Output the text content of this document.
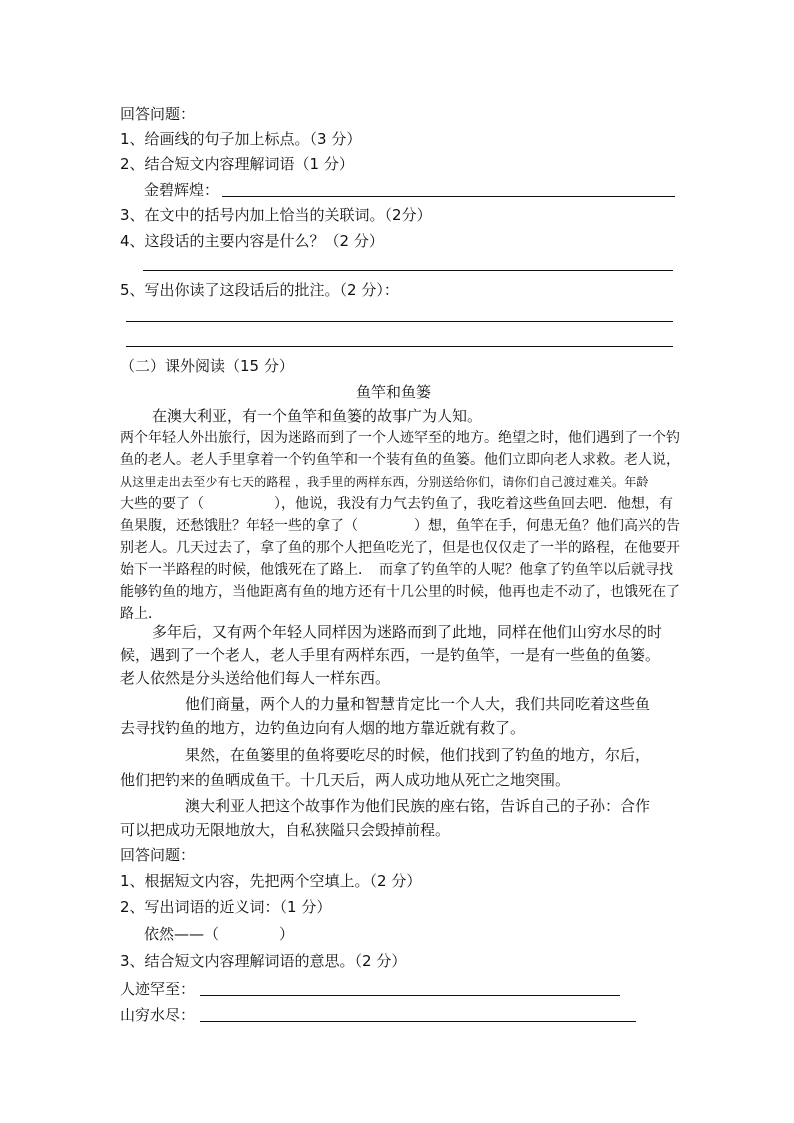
回答问题：
1、给画线的句子加上标点。（3 分）
2、结合短文内容理解词语（1 分）
金碧辉煌：
3、在文中的括号内加上恰当的关联词。（2分）
4、这段话的主要内容是什么？（2 分）
5、写出你读了这段话后的批注。（2 分）：
（二）课外阅读（15 分）
鱼竿和鱼篓
在澳大利亚，有一个鱼竿和鱼篓的故事广为人知。
两个年轻人外出旅行，因为迷路而到了一个人迹罕至的地方。绝望之时，他们遇到了一个钓
鱼的老人。老人手里拿着一个钓鱼竿和一个装有鱼的鱼篓。他们立即向老人求救。老人说，
从这里走出去至少有七天的路程 ，我手里的两样东西，分别送给你们，请你们自己渡过难关。年龄
大些的要了（　　　　　），他说，我没有力气去钓鱼了，我吃着这些鱼回去吧．他想，有
鱼果腹，还愁饿肚？年轻一些的拿了（　　　　）想，鱼竿在手，何患无鱼？他们高兴的告
别老人。几天过去了，拿了鱼的那个人把鱼吃光了，但是也仅仅走了一半的路程，在他要开
始下一半路程的时候，他饿死在了路上．　而拿了钓鱼竿的人呢？他拿了钓鱼竿以后就寻找
能够钓鱼的地方，当他距离有鱼的地方还有十几公里的时候，他再也走不动了，也饿死在了
路上．
多年后，又有两个年轻人同样因为迷路而到了此地，同样在他们山穷水尽的时
候，遇到了一个老人，老人手里有两样东西，一是钓鱼竿，一是有一些鱼的鱼篓。
老人依然是分头送给他们每人一样东西。
他们商量，两个人的力量和智慧肯定比一个人大，我们共同吃着这些鱼
去寻找钓鱼的地方，边钓鱼边向有人烟的地方靠近就有救了。
果然，在鱼篓里的鱼将要吃尽的时候，他们找到了钓鱼的地方，尔后，
他们把钓来的鱼晒成鱼干。十几天后，两人成功地从死亡之地突围。
澳大利亚人把这个故事作为他们民族的座右铭，告诉自己的子孙：合作
可以把成功无限地放大，自私狭隘只会毁掉前程。
回答问题：
1、根据短文内容，先把两个空填上。（2 分）
2、写出词语的近义词：（1 分）
依然——（　　　　）
3、结合短文内容理解词语的意思。（2 分）
人迹罕至：
山穷水尽：
